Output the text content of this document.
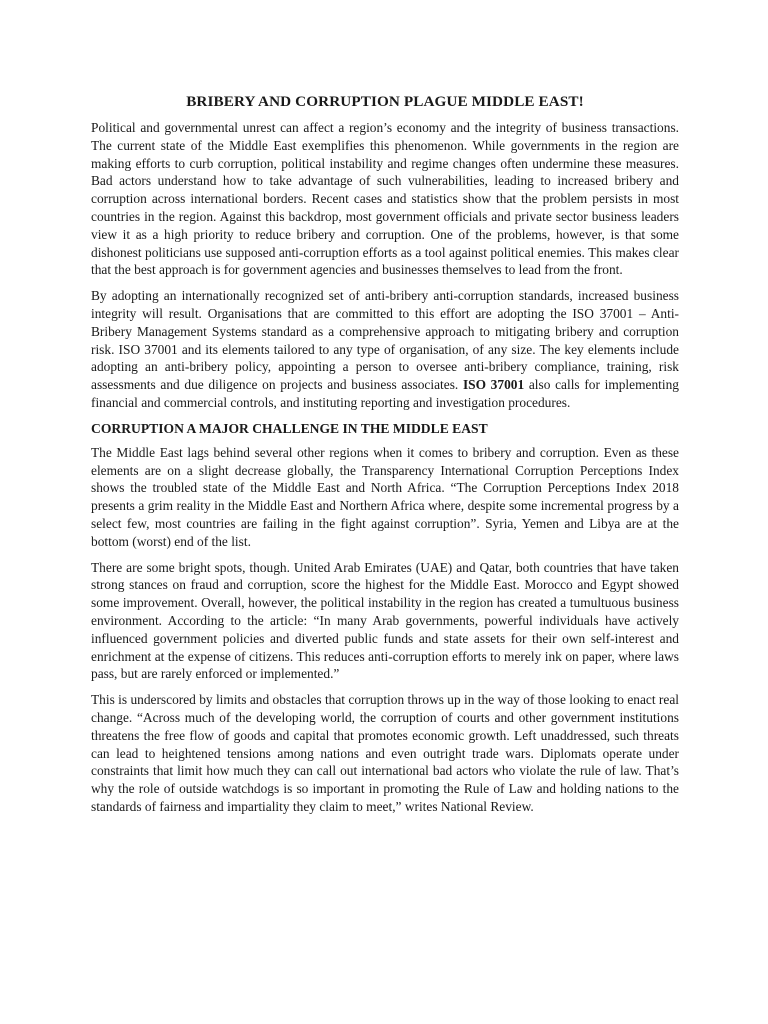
BRIBERY AND CORRUPTION PLAGUE MIDDLE EAST!

Political and governmental unrest can affect a region’s economy and the integrity of business transactions. The current state of the Middle East exemplifies this phenomenon. While governments in the region are making efforts to curb corruption, political instability and regime changes often undermine these measures. Bad actors understand how to take advantage of such vulnerabilities, leading to increased bribery and corruption across international borders. Recent cases and statistics show that the problem persists in most countries in the region. Against this backdrop, most government officials and private sector business leaders view it as a high priority to reduce bribery and corruption. One of the problems, however, is that some dishonest politicians use supposed anti-corruption efforts as a tool against political enemies. This makes clear that the best approach is for government agencies and businesses themselves to lead from the front.

By adopting an internationally recognized set of anti-bribery anti-corruption standards, increased business integrity will result. Organisations that are committed to this effort are adopting the ISO 37001 – Anti-Bribery Management Systems standard as a comprehensive approach to mitigating bribery and corruption risk. ISO 37001 and its elements tailored to any type of organisation, of any size. The key elements include adopting an anti-bribery policy, appointing a person to oversee anti-bribery compliance, training, risk assessments and due diligence on projects and business associates. ISO 37001 also calls for implementing financial and commercial controls, and instituting reporting and investigation procedures.

CORRUPTION A MAJOR CHALLENGE IN THE MIDDLE EAST

The Middle East lags behind several other regions when it comes to bribery and corruption. Even as these elements are on a slight decrease globally, the Transparency International Corruption Perceptions Index shows the troubled state of the Middle East and North Africa. “The Corruption Perceptions Index 2018 presents a grim reality in the Middle East and Northern Africa where, despite some incremental progress by a select few, most countries are failing in the fight against corruption”. Syria, Yemen and Libya are at the bottom (worst) end of the list.

There are some bright spots, though. United Arab Emirates (UAE) and Qatar, both countries that have taken strong stances on fraud and corruption, score the highest for the Middle East. Morocco and Egypt showed some improvement. Overall, however, the political instability in the region has created a tumultuous business environment. According to the article: “In many Arab governments, powerful individuals have actively influenced government policies and diverted public funds and state assets for their own self-interest and enrichment at the expense of citizens. This reduces anti-corruption efforts to merely ink on paper, where laws pass, but are rarely enforced or implemented.”

This is underscored by limits and obstacles that corruption throws up in the way of those looking to enact real change. “Across much of the developing world, the corruption of courts and other government institutions threatens the free flow of goods and capital that promotes economic growth. Left unaddressed, such threats can lead to heightened tensions among nations and even outright trade wars. Diplomats operate under constraints that limit how much they can call out international bad actors who violate the rule of law. That’s why the role of outside watchdogs is so important in promoting the Rule of Law and holding nations to the standards of fairness and impartiality they claim to meet,” writes National Review.
